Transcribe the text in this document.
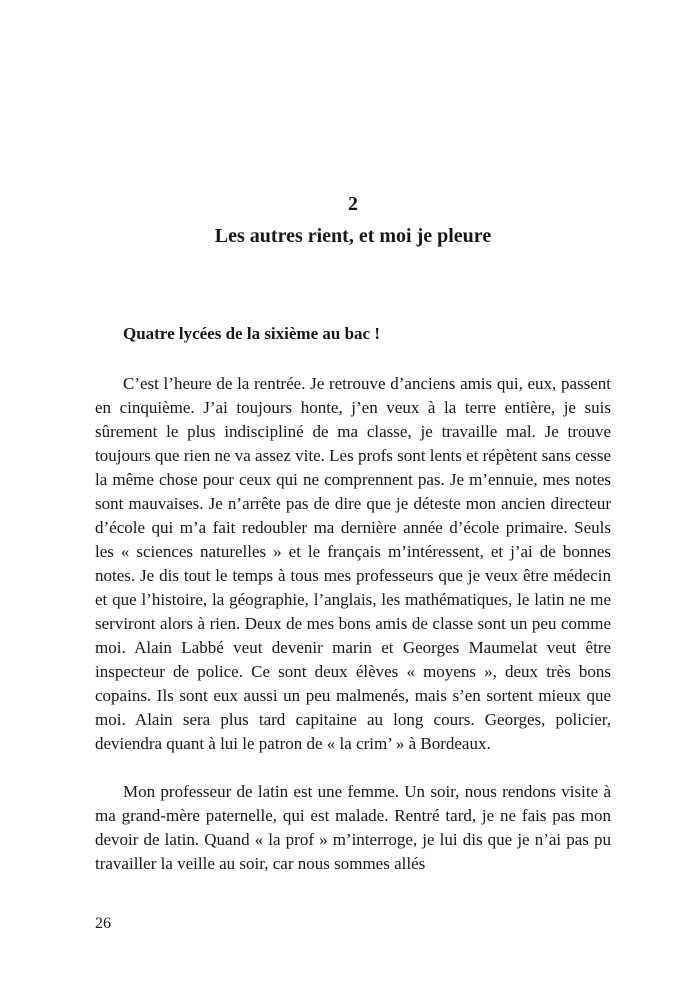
2
Les autres rient, et moi je pleure
Quatre lycées de la sixième au bac !

C’est l’heure de la rentrée. Je retrouve d’anciens amis qui, eux, passent en cinquième. J’ai toujours honte, j’en veux à la terre entière, je suis sûrement le plus indiscipliné de ma classe, je travaille mal. Je trouve toujours que rien ne va assez vite. Les profs sont lents et répètent sans cesse la même chose pour ceux qui ne comprennent pas. Je m’ennuie, mes notes sont mauvaises. Je n’arrête pas de dire que je déteste mon ancien directeur d’école qui m’a fait redoubler ma dernière année d’école primaire. Seuls les « sciences naturelles » et le français m’intéressent, et j’ai de bonnes notes. Je dis tout le temps à tous mes professeurs que je veux être médecin et que l’histoire, la géographie, l’anglais, les mathématiques, le latin ne me serviront alors à rien. Deux de mes bons amis de classe sont un peu comme moi. Alain Labbé veut devenir marin et Georges Maumelat veut être inspecteur de police. Ce sont deux élèves « moyens », deux très bons copains. Ils sont eux aussi un peu malmenés, mais s’en sortent mieux que moi. Alain sera plus tard capitaine au long cours. Georges, policier, deviendra quant à lui le patron de « la crim’ » à Bordeaux.

Mon professeur de latin est une femme. Un soir, nous rendons visite à ma grand-mère paternelle, qui est malade. Rentré tard, je ne fais pas mon devoir de latin. Quand « la prof » m’interroge, je lui dis que je n’ai pas pu travailler la veille au soir, car nous sommes allés

26
